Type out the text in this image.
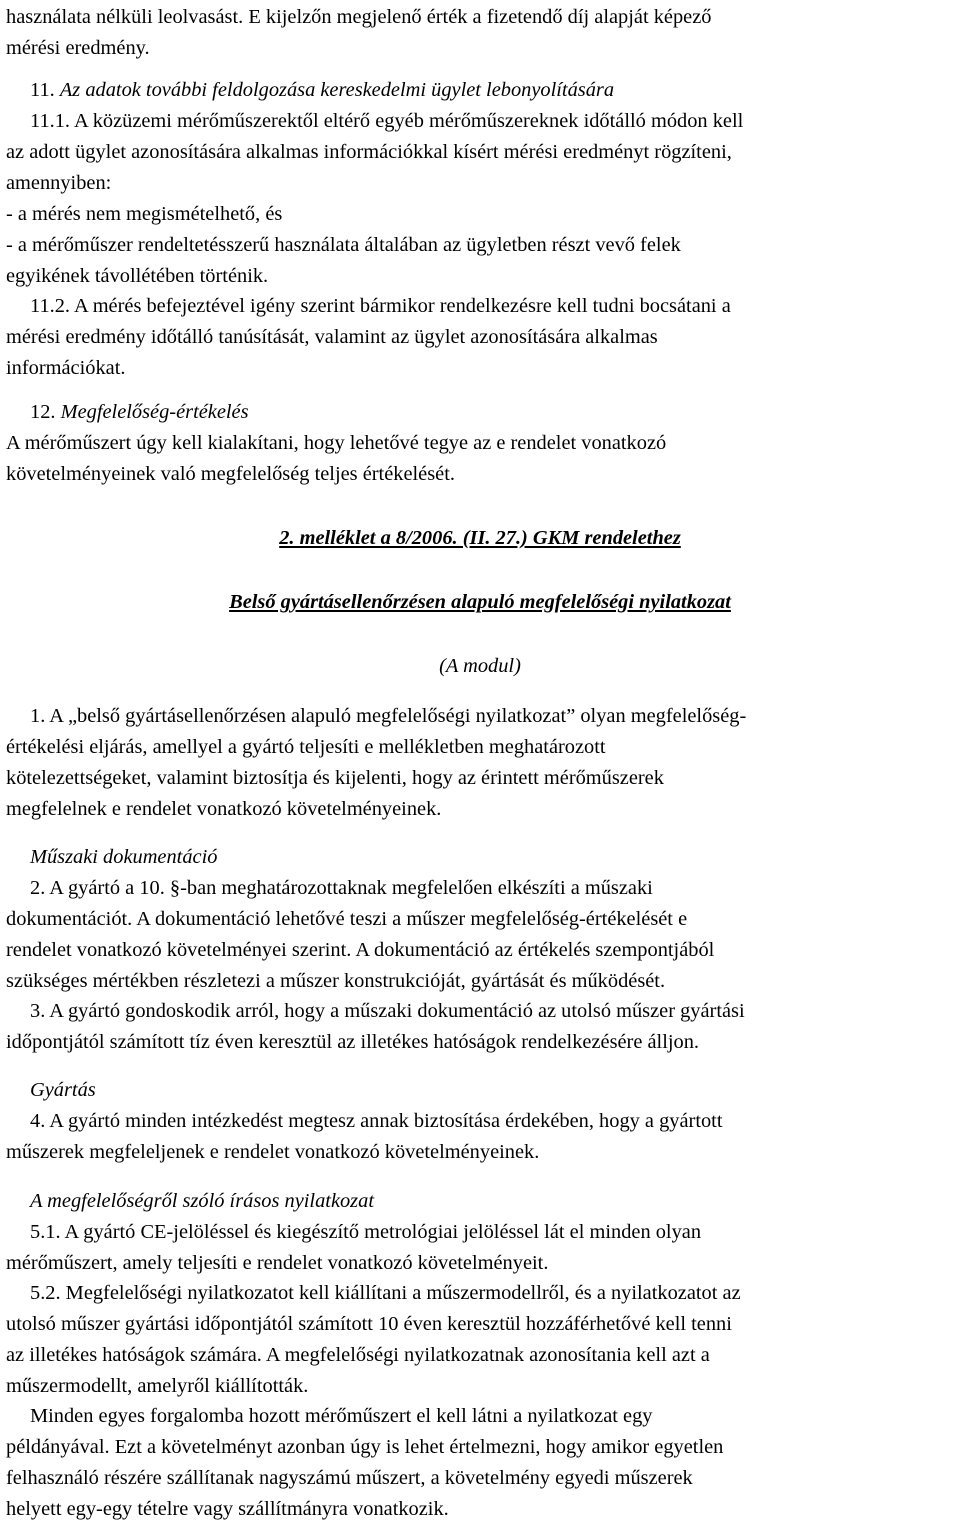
használata nélküli leolvasást. E kijelzőn megjelenő érték a fizetendő díj alapját képező
mérési eredmény.
11. Az adatok további feldolgozása kereskedelmi ügylet lebonyolítására
11.1. A közüzemi mérőműszerektől eltérő egyéb mérőműszereknek időtálló módon kell
az adott ügylet azonosítására alkalmas információkkal kísért mérési eredményt rögzíteni,
amennyiben:
- a mérés nem megismételhető, és
- a mérőműszer rendeltetésszerű használata általában az ügyletben részt vevő felek
egyikének távollétében történik.
11.2. A mérés befejeztével igény szerint bármikor rendelkezésre kell tudni bocsátani a
mérési eredmény időtálló tanúsítását, valamint az ügylet azonosítására alkalmas
információkat.
12. Megfelelőség-értékelés
A mérőműszert úgy kell kialakítani, hogy lehetővé tegye az e rendelet vonatkozó
követelményeinek való megfelelőség teljes értékelését.
2. melléklet a 8/2006. (II. 27.) GKM rendelethez
Belső gyártásellenőrzésen alapuló megfelelőségi nyilatkozat
(A modul)
1. A „belső gyártásellenőrzésen alapuló megfelelőségi nyilatkozat” olyan megfelelőség-
értékelési eljárás, amellyel a gyártó teljesíti e mellékletben meghatározott
kötelezettségeket, valamint biztosítja és kijelenti, hogy az érintett mérőműszerek
megfelelnek e rendelet vonatkozó követelményeinek.
Műszaki dokumentáció
2. A gyártó a 10. §-ban meghatározottaknak megfelelően elkészíti a műszaki
dokumentációt. A dokumentáció lehetővé teszi a műszer megfelelőség-értékelését e
rendelet vonatkozó követelményei szerint. A dokumentáció az értékelés szempontjából
szükséges mértékben részletezi a műszer konstrukcióját, gyártását és működését.
3. A gyártó gondoskodik arról, hogy a műszaki dokumentáció az utolsó műszer gyártási
időpontjától számított tíz éven keresztül az illetékes hatóságok rendelkezésére álljon.
Gyártás
4. A gyártó minden intézkedést megtesz annak biztosítása érdekében, hogy a gyártott
műszerek megfeleljenek e rendelet vonatkozó követelményeinek.
A megfelelőségről szóló írásos nyilatkozat
5.1. A gyártó CE-jelöléssel és kiegészítő metrológiai jelöléssel lát el minden olyan
mérőműszert, amely teljesíti e rendelet vonatkozó követelményeit.
5.2. Megfelelőségi nyilatkozatot kell kiállítani a műszermodellről, és a nyilatkozatot az
utolsó műszer gyártási időpontjától számított 10 éven keresztül hozzáférhetővé kell tenni
az illetékes hatóságok számára. A megfelelőségi nyilatkozatnak azonosítania kell azt a
műszermodellt, amelyről kiállították.
Minden egyes forgalomba hozott mérőműszert el kell látni a nyilatkozat egy
példányával. Ezt a követelményt azonban úgy is lehet értelmezni, hogy amikor egyetlen
felhasználó részére szállítanak nagyszámú műszert, a követelmény egyedi műszerek
helyett egy-egy tételre vagy szállítmányra vonatkozik.
